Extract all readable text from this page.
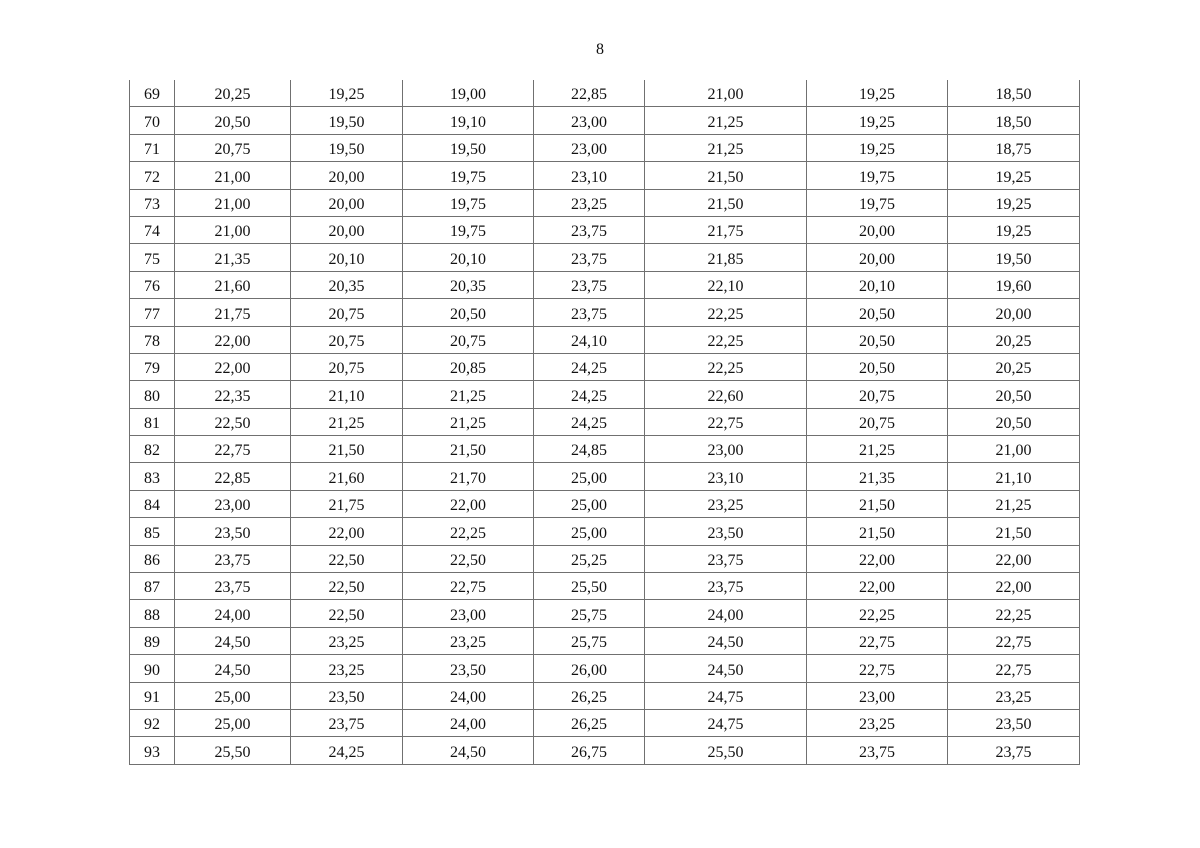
8
69	20,25	19,25	19,00	22,85	21,00	19,25	18,50
70	20,50	19,50	19,10	23,00	21,25	19,25	18,50
71	20,75	19,50	19,50	23,00	21,25	19,25	18,75
72	21,00	20,00	19,75	23,10	21,50	19,75	19,25
73	21,00	20,00	19,75	23,25	21,50	19,75	19,25
74	21,00	20,00	19,75	23,75	21,75	20,00	19,25
75	21,35	20,10	20,10	23,75	21,85	20,00	19,50
76	21,60	20,35	20,35	23,75	22,10	20,10	19,60
77	21,75	20,75	20,50	23,75	22,25	20,50	20,00
78	22,00	20,75	20,75	24,10	22,25	20,50	20,25
79	22,00	20,75	20,85	24,25	22,25	20,50	20,25
80	22,35	21,10	21,25	24,25	22,60	20,75	20,50
81	22,50	21,25	21,25	24,25	22,75	20,75	20,50
82	22,75	21,50	21,50	24,85	23,00	21,25	21,00
83	22,85	21,60	21,70	25,00	23,10	21,35	21,10
84	23,00	21,75	22,00	25,00	23,25	21,50	21,25
85	23,50	22,00	22,25	25,00	23,50	21,50	21,50
86	23,75	22,50	22,50	25,25	23,75	22,00	22,00
87	23,75	22,50	22,75	25,50	23,75	22,00	22,00
88	24,00	22,50	23,00	25,75	24,00	22,25	22,25
89	24,50	23,25	23,25	25,75	24,50	22,75	22,75
90	24,50	23,25	23,50	26,00	24,50	22,75	22,75
91	25,00	23,50	24,00	26,25	24,75	23,00	23,25
92	25,00	23,75	24,00	26,25	24,75	23,25	23,50
93	25,50	24,25	24,50	26,75	25,50	23,75	23,75
